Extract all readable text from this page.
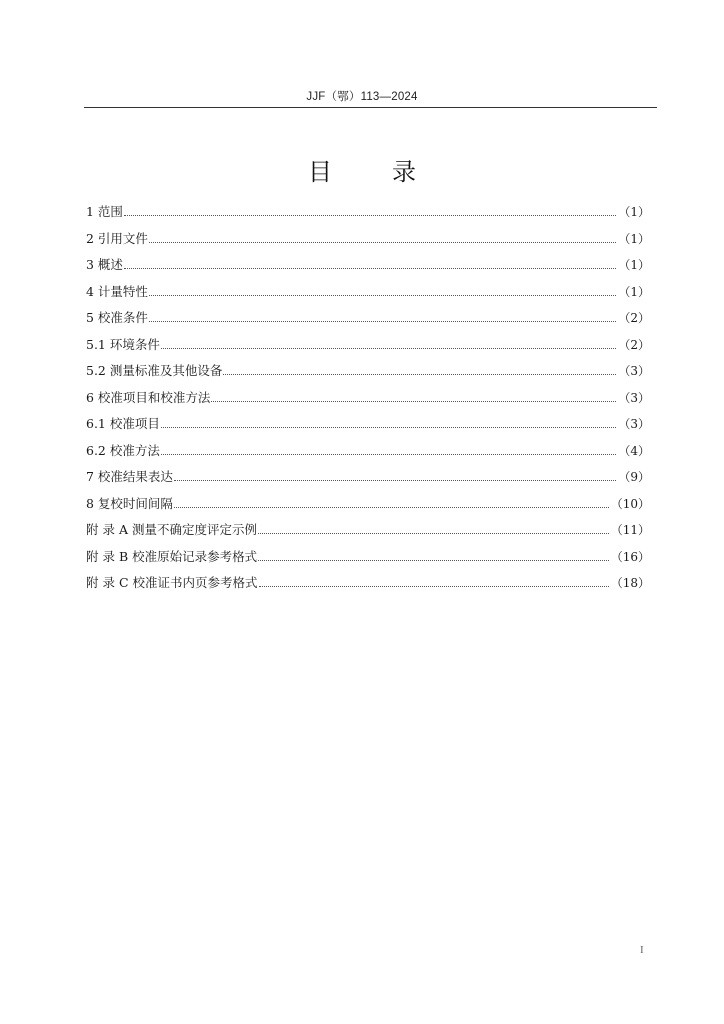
JJF（鄂）113—2024
目录
1 范围	（1）
2 引用文件	（1）
3 概述	（1）
4 计量特性	（1）
5 校准条件	（2）
5.1 环境条件	（2）
5.2 测量标准及其他设备	（3）
6 校准项目和校准方法	（3）
6.1 校准项目	（3）
6.2 校准方法	（4）
7 校准结果表达	（9）
8 复校时间间隔	（10）
附 录 A 测量不确定度评定示例	（11）
附 录 B 校准原始记录参考格式	（16）
附 录 C 校准证书内页参考格式	（18）
I
